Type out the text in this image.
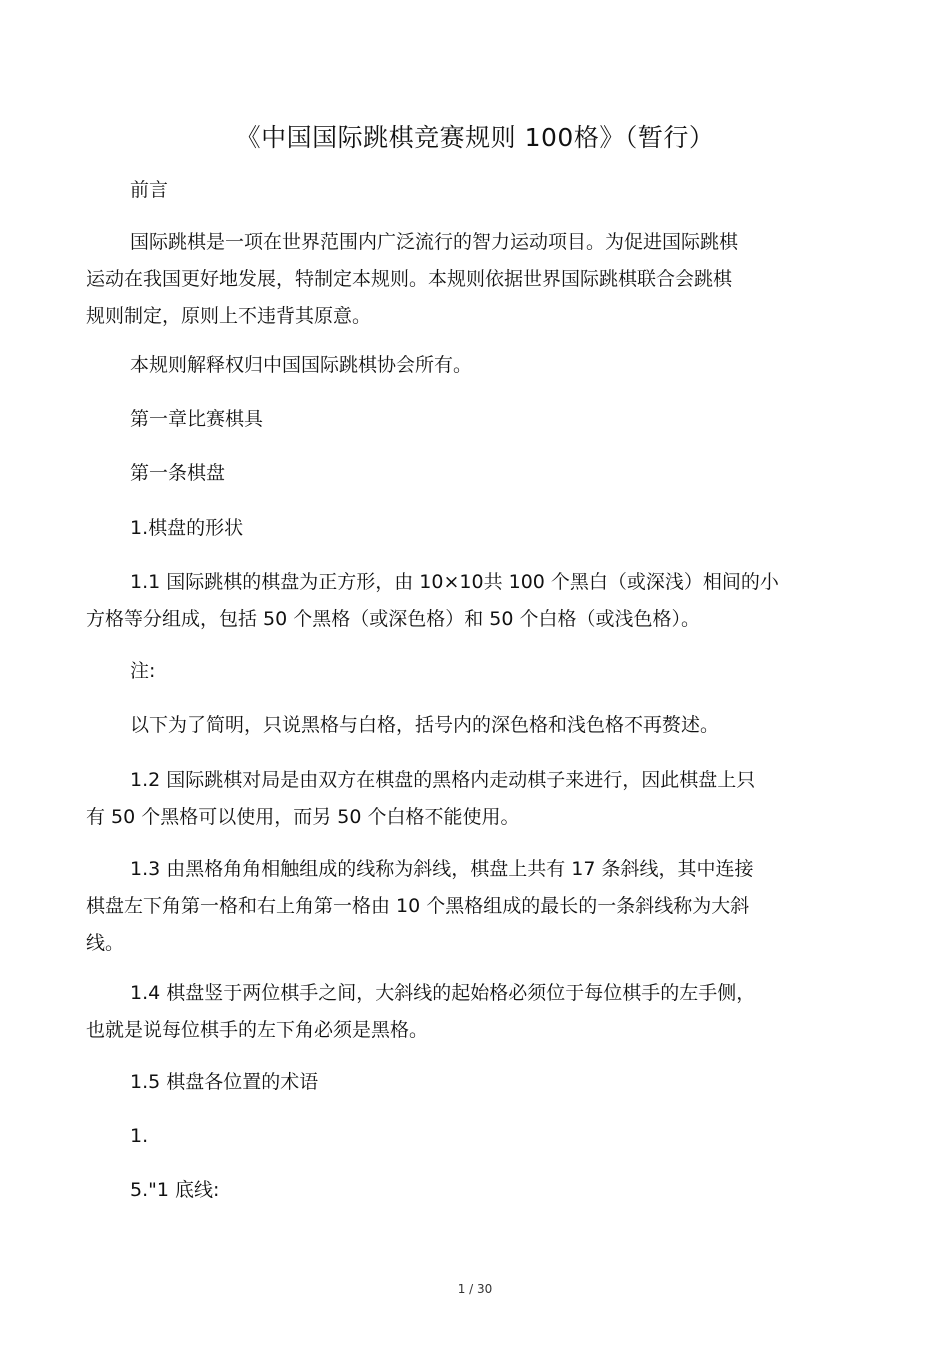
《中国国际跳棋竞赛规则 100格》（暂行）
前言
国际跳棋是一项在世界范围内广泛流行的智力运动项目。为促进国际跳棋
运动在我国更好地发展，特制定本规则。本规则依据世界国际跳棋联合会跳棋
规则制定，原则上不违背其原意。
本规则解释权归中国国际跳棋协会所有。
第一章比赛棋具
第一条棋盘
1.棋盘的形状
1.1 国际跳棋的棋盘为正方形，由 10×10共 100 个黑白（或深浅）相间的小
方格等分组成，包括 50 个黑格（或深色格）和 50 个白格（或浅色格）。
注:
以下为了简明，只说黑格与白格，括号内的深色格和浅色格不再赘述。
1.2 国际跳棋对局是由双方在棋盘的黑格内走动棋子来进行，因此棋盘上只
有 50 个黑格可以使用，而另 50 个白格不能使用。
1.3 由黑格角角相触组成的线称为斜线，棋盘上共有 17 条斜线，其中连接
棋盘左下角第一格和右上角第一格由 10 个黑格组成的最长的一条斜线称为大斜
线。
1.4 棋盘竖于两位棋手之间，大斜线的起始格必须位于每位棋手的左手侧，
也就是说每位棋手的左下角必须是黑格。
1.5 棋盘各位置的术语
1.
5."1 底线:
1 / 30
